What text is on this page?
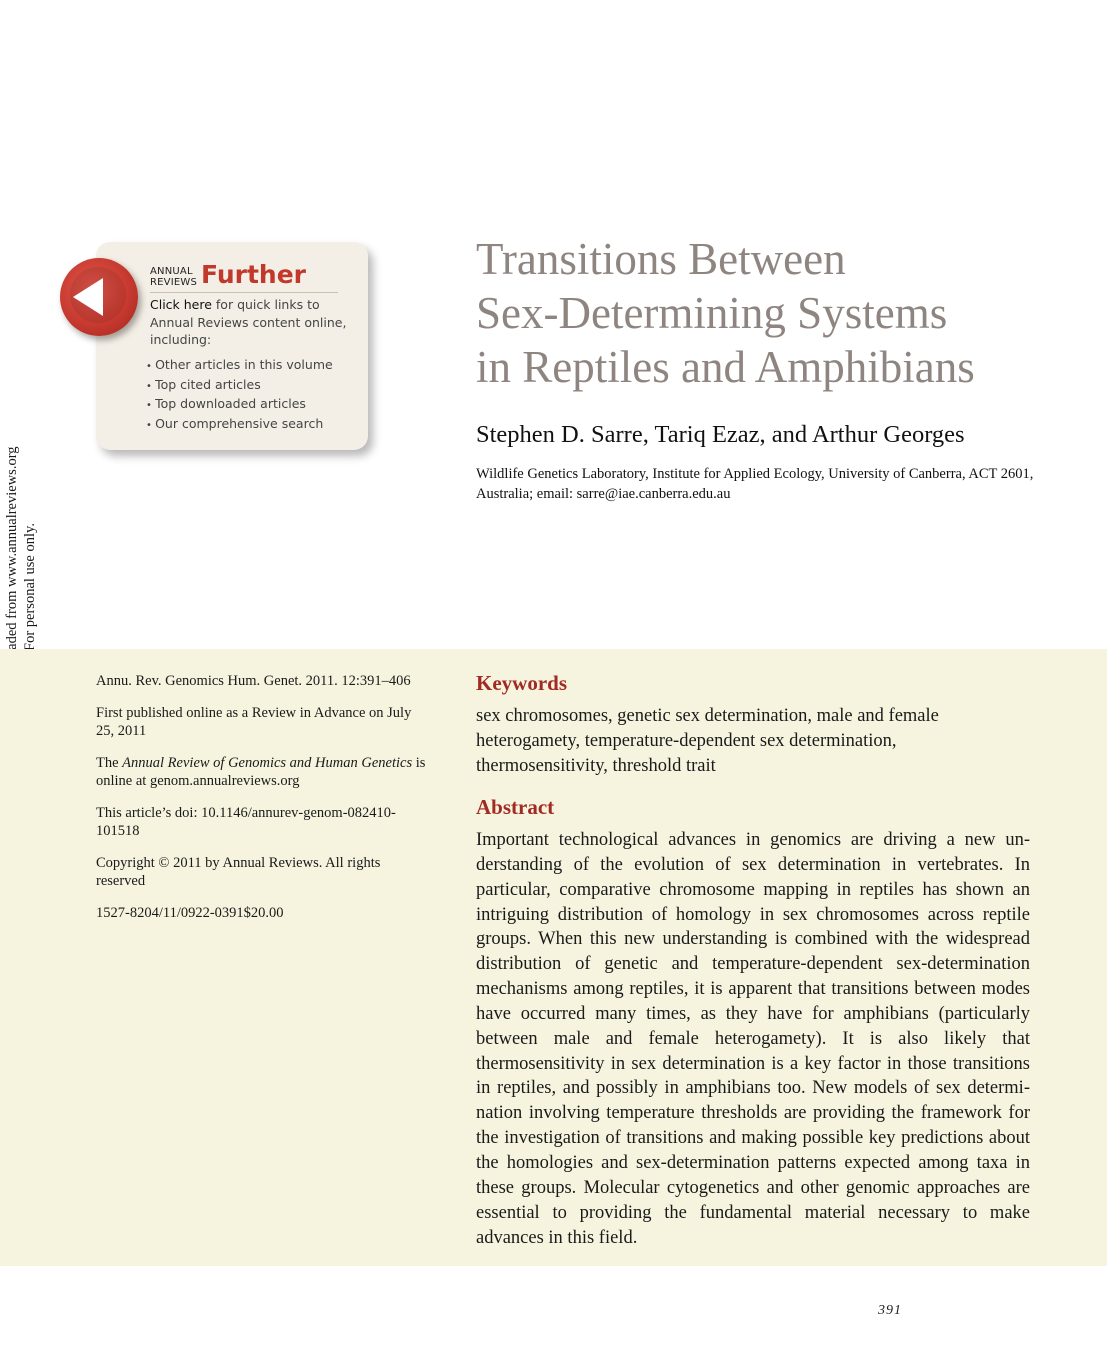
ANNUAL
REVIEWS Further
Click here for quick links to Annual Reviews content online, including:
• Other articles in this volume
• Top cited articles
• Top downloaded articles
• Our comprehensive search
Transitions Between
Sex-Determining Systems
in Reptiles and Amphibians

Stephen D. Sarre, Tariq Ezaz, and Arthur Georges

Wildlife Genetics Laboratory, Institute for Applied Ecology, University of Canberra, ACT 2601, Australia; email: sarre@iae.canberra.edu.au

Annu. Rev. Genomics Hum. Genet. 2011. 12:391–406

First published online as a Review in Advance on July 25, 2011

The Annual Review of Genomics and Human Genetics is online at genom.annualreviews.org

This article’s doi: 10.1146/annurev-genom-082410-101518

Copyright © 2011 by Annual Reviews. All rights reserved

1527-8204/11/0922-0391$20.00

Keywords

sex chromosomes, genetic sex determination, male and female heterogamety, temperature-dependent sex determination, thermosensitivity, threshold trait

Abstract

Important technological advances in genomics are driving a new understanding of the evolution of sex determination in vertebrates. In particular, comparative chromosome mapping in reptiles has shown an intriguing distribution of homology in sex chromosomes across reptile groups. When this new understanding is combined with the widespread distribution of genetic and temperature-dependent sex-determination mechanisms among reptiles, it is apparent that transitions between modes have occurred many times, as they have for amphibians (particularly between male and female heterogamety). It is also likely that thermosensitivity in sex determination is a key factor in those transitions in reptiles, and possibly in amphibians too. New models of sex determination involving temperature thresholds are providing the framework for the investigation of transitions and making possible key predictions about the homologies and sex-determination patterns expected among taxa in these groups. Molecular cytogenetics and other genomic approaches are essential to providing the fundamental material necessary to make advances in this field.

391
